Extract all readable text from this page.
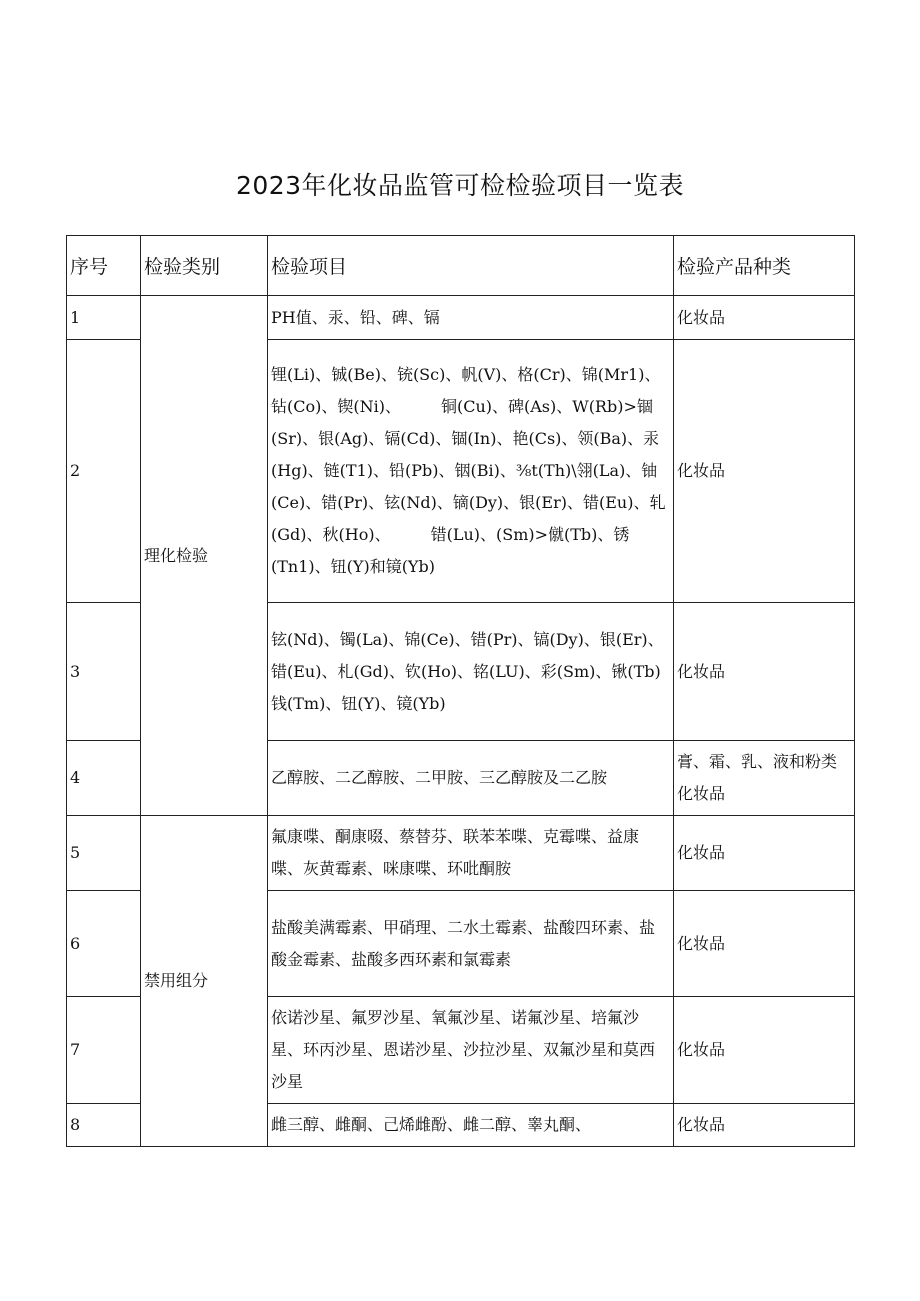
2023年化妆品监管可检检验项目一览表
序号	检验类别	检验项目	检验产品种类
1	理化检验	PH值、汞、铅、碑、镉	化妆品
2		锂(Li)、铖(Be)、铳(Sc)、帆(V)、格(Cr)、锦(Mr1)、钻(Co)、锲(Ni)、　　　铜(Cu)、碑(As)、W(Rb)>锢(Sr)、银(Ag)、镉(Cd)、锢(In)、艳(Cs)、领(Ba)、汞(Hg)、链(T1)、铅(Pb)、铟(Bi)、⅜t(Th)\翎(La)、铀(Ce)、错(Pr)、铉(Nd)、镝(Dy)、银(Er)、错(Eu)、轧(Gd)、秋(Ho)、　　　错(Lu)、(Sm)>僦(Tb)、锈(Tn1)、钮(Y)和镜(Yb)	化妆品
3		铉(Nd)、镯(La)、锦(Ce)、错(Pr)、镐(Dy)、银(Er)、错(Eu)、札(Gd)、钦(Ho)、铭(LU)、彩(Sm)、锹(Tb)钱(Tm)、钮(Y)、镜(Yb)	化妆品
4		乙醇胺、二乙醇胺、二甲胺、三乙醇胺及二乙胺	膏、霜、乳、液和粉类化妆品
5	禁用组分	氟康喋、酮康啜、蔡替芬、联苯苯喋、克霉喋、益康喋、灰黄霉素、咪康喋、环吡酮胺	化妆品
6		盐酸美满霉素、甲硝理、二水土霉素、盐酸四环素、盐酸金霉素、盐酸多西环素和氯霉素	化妆品
7		依诺沙星、氟罗沙星、氧氟沙星、诺氟沙星、培氟沙星、环丙沙星、恩诺沙星、沙拉沙星、双氟沙星和莫西沙星	化妆品
8		雌三醇、雌酮、己烯雌酚、雌二醇、睾丸酮、	化妆品
